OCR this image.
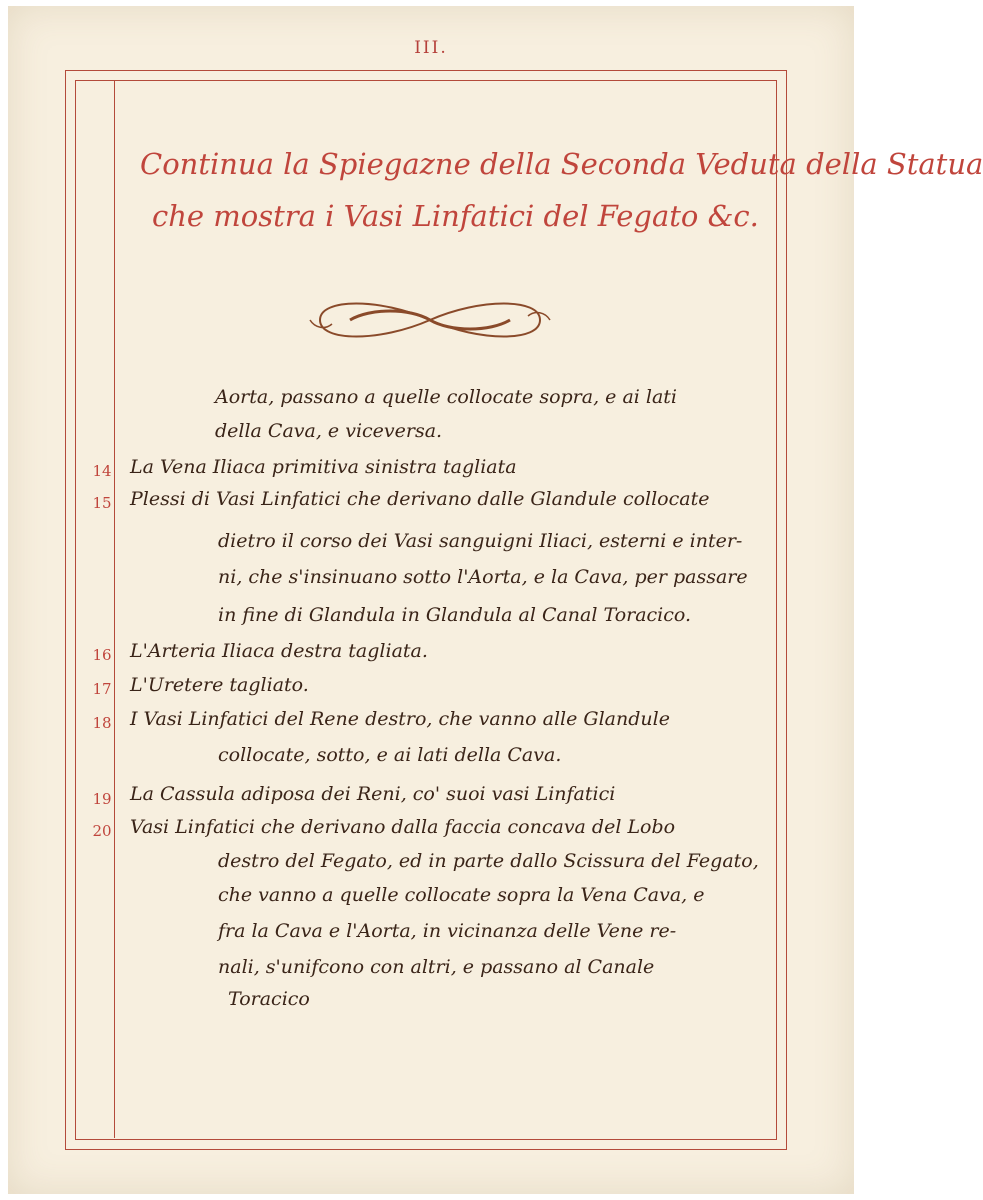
III.
Continua la Spiegazne della Seconda Veduta della Statua
che mostra i Vasi Linfatici del Fegato &c.
Aorta, passano a quelle collocate sopra, e ai lati
della Cava, e viceversa.
14 La Vena Iliaca primitiva sinistra tagliata
15 Plessi di Vasi Linfatici che derivano dalle Glandule collocate
dietro il corso dei Vasi sanguigni Iliaci, esterni e inter-
ni, che s'insinuano sotto l'Aorta, e la Cava, per passare
in fine di Glandula in Glandula al Canal Toracico.
16 L'Arteria Iliaca destra tagliata.
17 L'Uretere tagliato.
18 I Vasi Linfatici del Rene destro, che vanno alle Glandule
collocate, sotto, e ai lati della Cava.
19 La Cassula adiposa dei Reni, co' suoi vasi Linfatici
20 Vasi Linfatici che derivano dalla faccia concava del Lobo
destro del Fegato, ed in parte dallo Scissura del Fegato,
che vanno a quelle collocate sopra la Vena Cava, e
fra la Cava e l'Aorta, in vicinanza delle Vene re-
nali, s'unifcono con altri, e passano al Canale
Toracico
